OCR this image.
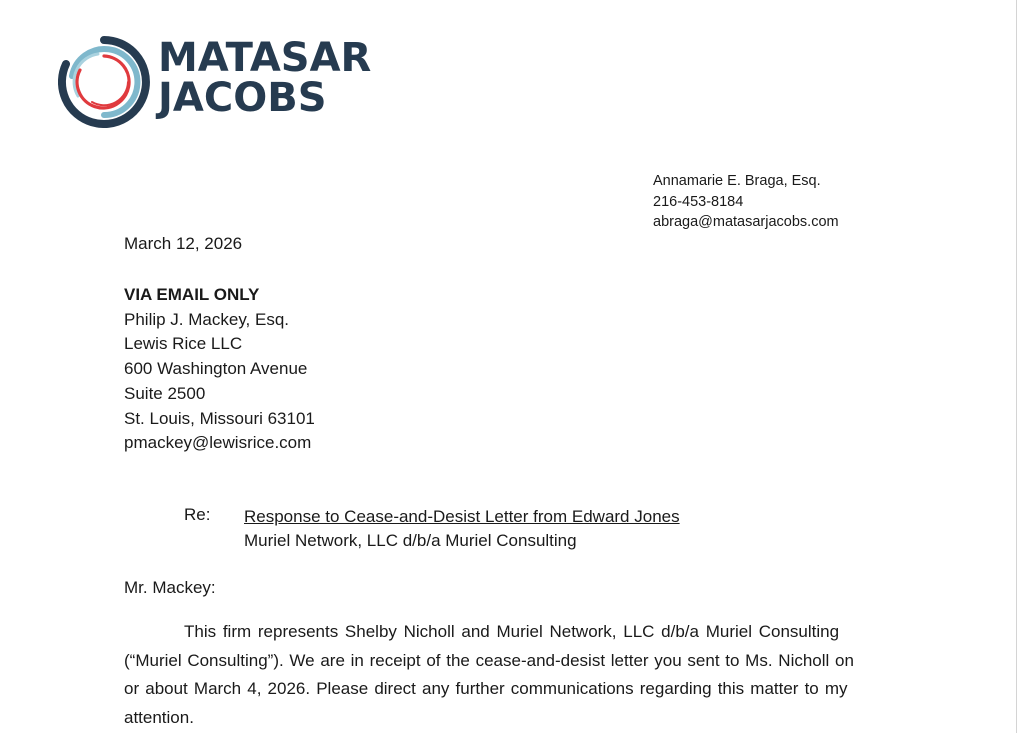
MATASAR
JACOBS
Annamarie E. Braga, Esq.
216-453-8184
abraga@matasarjacobs.com
March 12, 2026
VIA EMAIL ONLY
Philip J. Mackey, Esq.
Lewis Rice LLC
600 Washington Avenue
Suite 2500
St. Louis, Missouri 63101
pmackey@lewisrice.com
Re: Response to Cease-and-Desist Letter from Edward Jones
Muriel Network, LLC d/b/a Muriel Consulting
Mr. Mackey:
This firm represents Shelby Nicholl and Muriel Network, LLC d/b/a Muriel Consulting
(“Muriel Consulting”). We are in receipt of the cease-and-desist letter you sent to Ms. Nicholl on
or about March 4, 2026. Please direct any further communications regarding this matter to my
attention.
